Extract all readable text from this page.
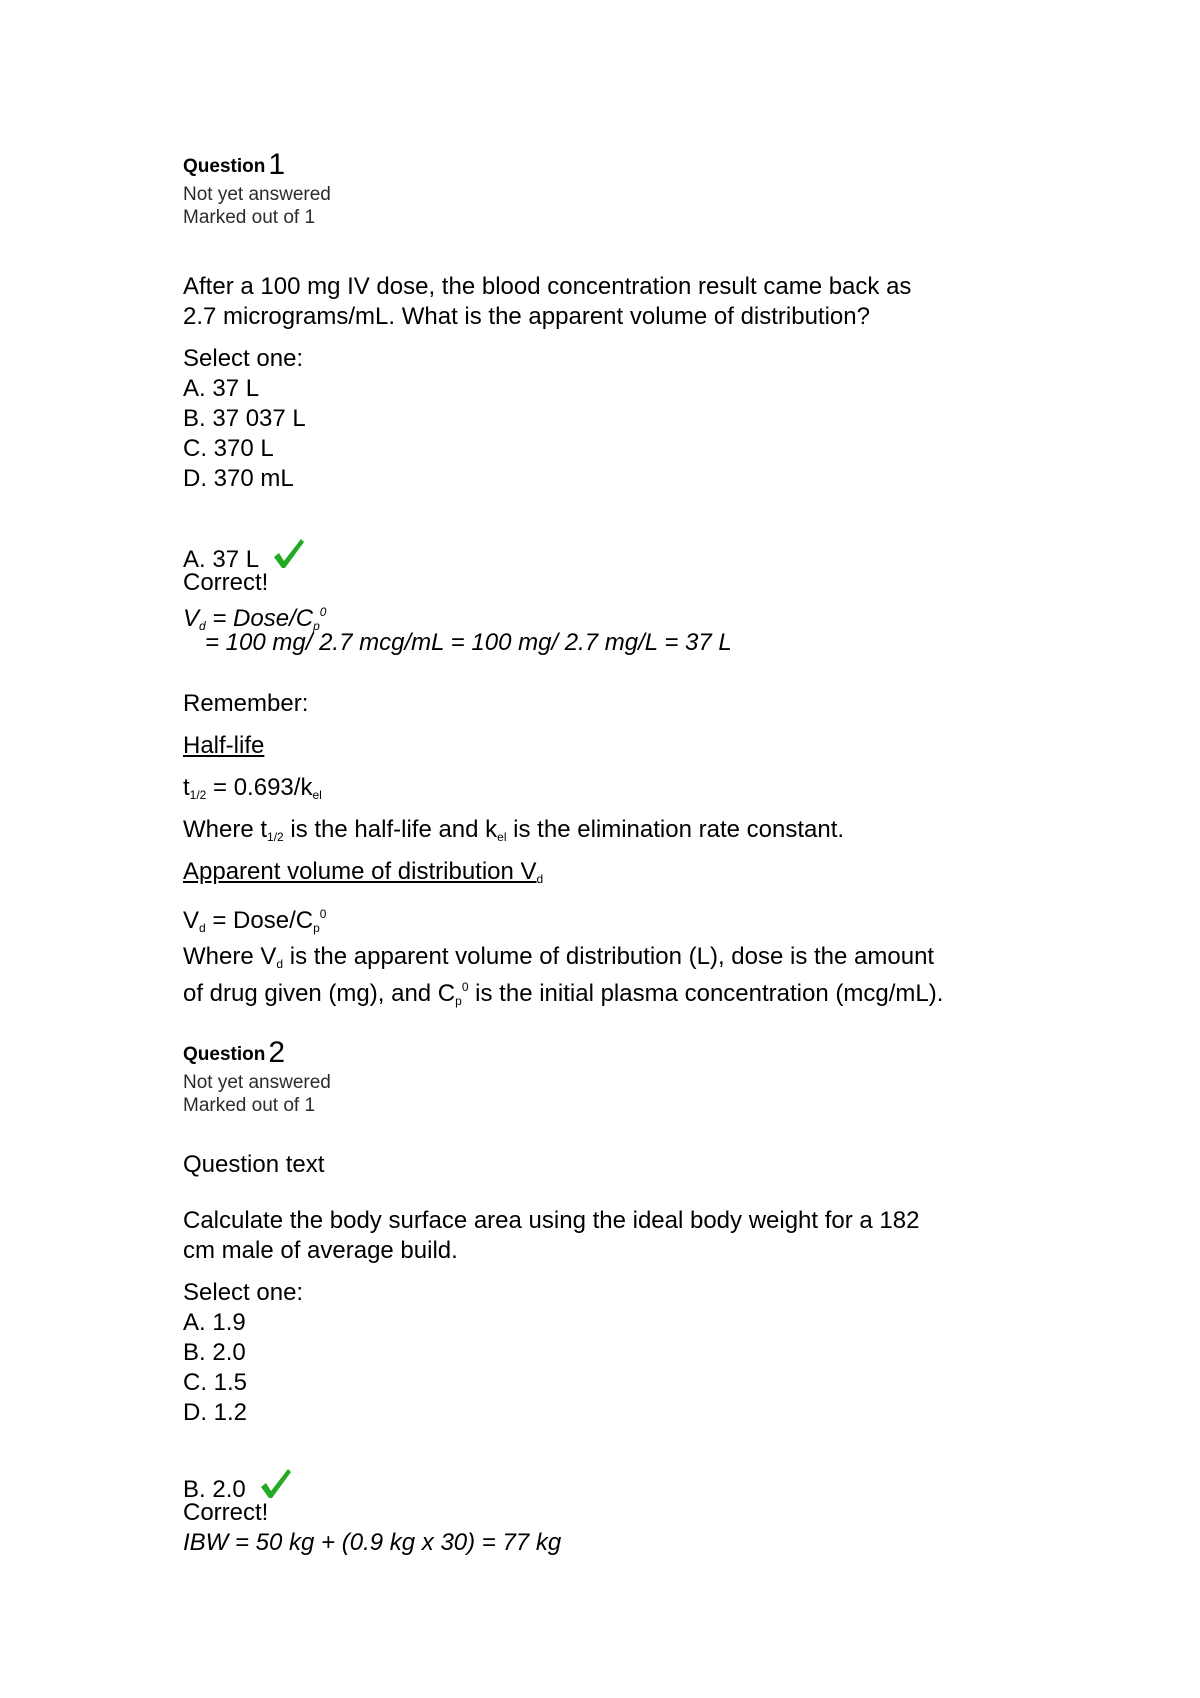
Question 1
Not yet answered
Marked out of 1
After a 100 mg IV dose, the blood concentration result came back as
2.7 micrograms/mL. What is the apparent volume of distribution?
Select one:
A. 37 L
B. 37 037 L
C. 370 L
D. 370 mL
A. 37 L
Correct!
$V_d$ = Dose/$C_p^0$
= 100 mg/ 2.7 mcg/mL = 100 mg/ 2.7 mg/L = 37 L
Remember:
Half-life
$t_{1/2} = 0.693/k_{el}$
Where $t_{1/2}$ is the half-life and $k_{el}$ is the elimination rate constant.
Apparent volume of distribution $V_d$
$V_d$ = Dose/$C_p^0$
Where $V_d$ is the apparent volume of distribution (L), dose is the amount
of drug given (mg), and $C_p^0$ is the initial plasma concentration (mcg/mL).
Question 2
Not yet answered
Marked out of 1
Question text
Calculate the body surface area using the ideal body weight for a 182
cm male of average build.
Select one:
A. 1.9
B. 2.0
C. 1.5
D. 1.2
B. 2.0
Correct!
IBW = 50 kg + (0.9 kg x 30) = 77 kg
